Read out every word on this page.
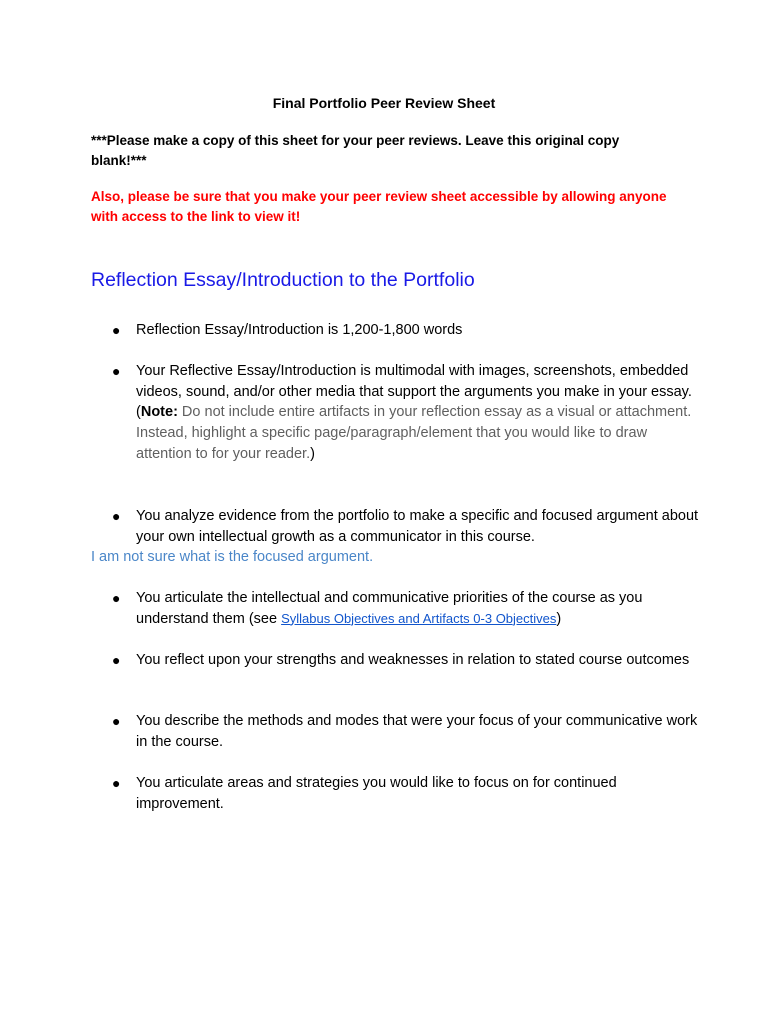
Final Portfolio Peer Review Sheet
***Please make a copy of this sheet for your peer reviews. Leave this original copy blank!***
Also, please be sure that you make your peer review sheet accessible by allowing anyone with access to the link to view it!
Reflection Essay/Introduction to the Portfolio
●	Reflection Essay/Introduction is 1,200-1,800 words
●	Your Reflective Essay/Introduction is multimodal with images, screenshots, embedded videos, sound, and/or other media that support the arguments you make in your essay. (Note: Do not include entire artifacts in your reflection essay as a visual or attachment. Instead, highlight a specific page/paragraph/element that you would like to draw attention to for your reader.)
●	You analyze evidence from the portfolio to make a specific and focused argument about your own intellectual growth as a communicator in this course.
I am not sure what is the focused argument.
●	You articulate the intellectual and communicative priorities of the course as you understand them (see Syllabus Objectives and Artifacts 0-3 Objectives)
●	You reflect upon your strengths and weaknesses in relation to stated course outcomes
●	You describe the methods and modes that were your focus of your communicative work in the course.
●	You articulate areas and strategies you would like to focus on for continued improvement.
